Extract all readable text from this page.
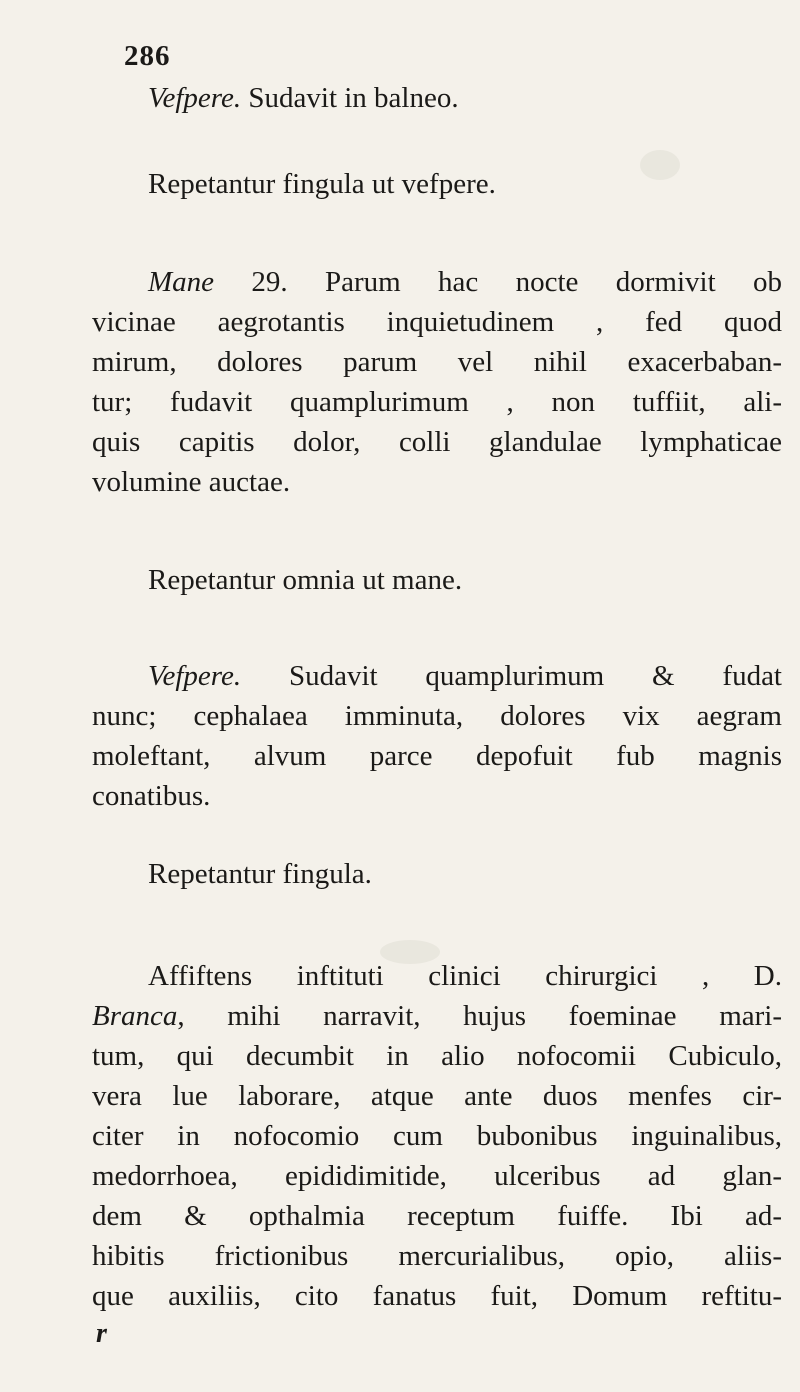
286
Vefpere. Sudavit in balneo.
Repetantur fingula ut vefpere.
Mane 29. Parum hac nocte dormivit ob
vicinae aegrotantis inquietudinem , fed quod
mirum, dolores parum vel nihil exacerbaban-
tur; fudavit quamplurimum , non tuffiit, ali-
quis capitis dolor, colli glandulae lymphaticae
volumine auctae.
Repetantur omnia ut mane.
Vefpere. Sudavit quamplurimum & fudat
nunc; cephalaea imminuta, dolores vix aegram
moleftant, alvum parce depofuit fub magnis
conatibus.
Repetantur fingula.
Affiftens inftituti clinici chirurgici , D.
Branca, mihi narravit, hujus foeminae mari-
tum, qui decumbit in alio nofocomii Cubiculo,
vera lue laborare, atque ante duos menfes cir-
citer in nofocomio cum bubonibus inguinalibus,
medorrhoea, epididimitide, ulceribus ad glan-
dem & opthalmia receptum fuiffe. Ibi ad-
hibitis frictionibus mercurialibus, opio, aliis-
que auxiliis, cito fanatus fuit, Domum reftitu-
r
